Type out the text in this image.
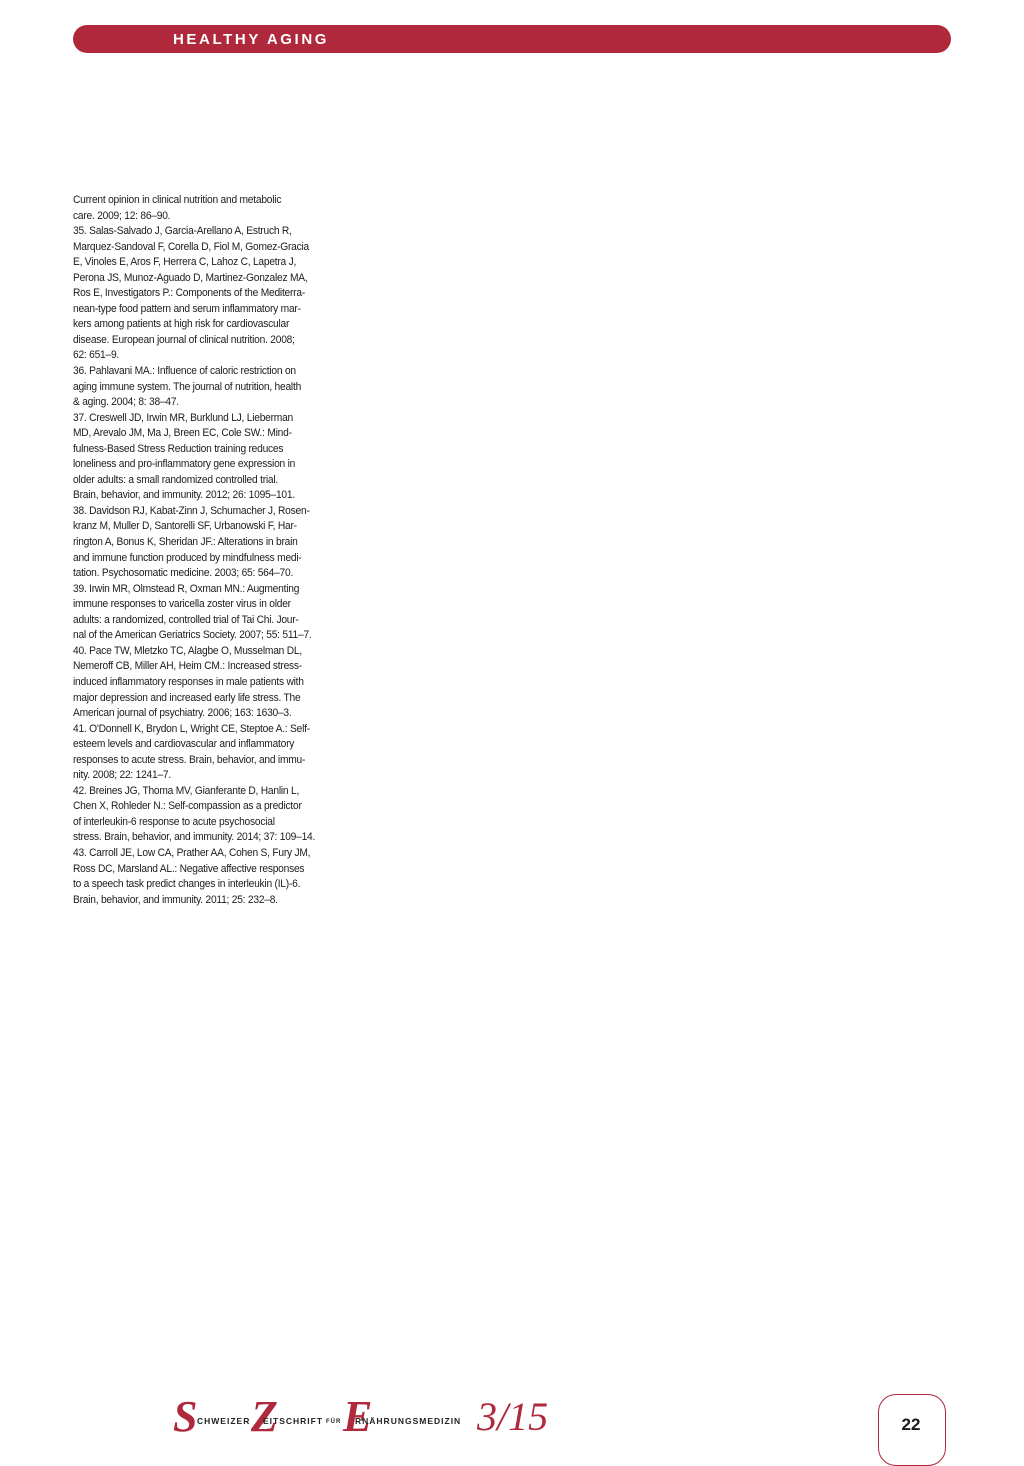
HEALTHY AGING
Current opinion in clinical nutrition and metabolic
care. 2009; 12: 86–90.
35. Salas-Salvado J, Garcia-Arellano A, Estruch R,
Marquez-Sandoval F, Corella D, Fiol M, Gomez-Gracia
E, Vinoles E, Aros F, Herrera C, Lahoz C, Lapetra J,
Perona JS, Munoz-Aguado D, Martinez-Gonzalez MA,
Ros E, Investigators P.: Components of the Mediterra-
nean-type food pattern and serum inflammatory mar-
kers among patients at high risk for cardiovascular
disease. European journal of clinical nutrition. 2008;
62: 651–9.
36. Pahlavani MA.: Influence of caloric restriction on
aging immune system. The journal of nutrition, health
& aging. 2004; 8: 38–47.
37. Creswell JD, Irwin MR, Burklund LJ, Lieberman
MD, Arevalo JM, Ma J, Breen EC, Cole SW.: Mind-
fulness-Based Stress Reduction training reduces
loneliness and pro-inflammatory gene expression in
older adults: a small randomized controlled trial.
Brain, behavior, and immunity. 2012; 26: 1095–101.
38. Davidson RJ, Kabat-Zinn J, Schumacher J, Rosen-
kranz M, Muller D, Santorelli SF, Urbanowski F, Har-
rington A, Bonus K, Sheridan JF.: Alterations in brain
and immune function produced by mindfulness medi-
tation. Psychosomatic medicine. 2003; 65: 564–70.
39. Irwin MR, Olmstead R, Oxman MN.: Augmenting
immune responses to varicella zoster virus in older
adults: a randomized, controlled trial of Tai Chi. Jour-
nal of the American Geriatrics Society. 2007; 55: 511–7.
40. Pace TW, Mletzko TC, Alagbe O, Musselman DL,
Nemeroff CB, Miller AH, Heim CM.: Increased stress-
induced inflammatory responses in male patients with
major depression and increased early life stress. The
American journal of psychiatry. 2006; 163: 1630–3.
41. O'Donnell K, Brydon L, Wright CE, Steptoe A.: Self-
esteem levels and cardiovascular and inflammatory
responses to acute stress. Brain, behavior, and immu-
nity. 2008; 22: 1241–7.
42. Breines JG, Thoma MV, Gianferante D, Hanlin L,
Chen X, Rohleder N.: Self-compassion as a predictor
of interleukin-6 response to acute psychosocial
stress. Brain, behavior, and immunity. 2014; 37: 109–14.
43. Carroll JE, Low CA, Prather AA, Cohen S, Fury JM,
Ross DC, Marsland AL.: Negative affective responses
to a speech task predict changes in interleukin (IL)-6.
Brain, behavior, and immunity. 2011; 25: 232–8.
S CHWEIZER Z
EITSCHRIFT FÜR E
RNÄHRUNGSMEDIZIN 3/15	22
